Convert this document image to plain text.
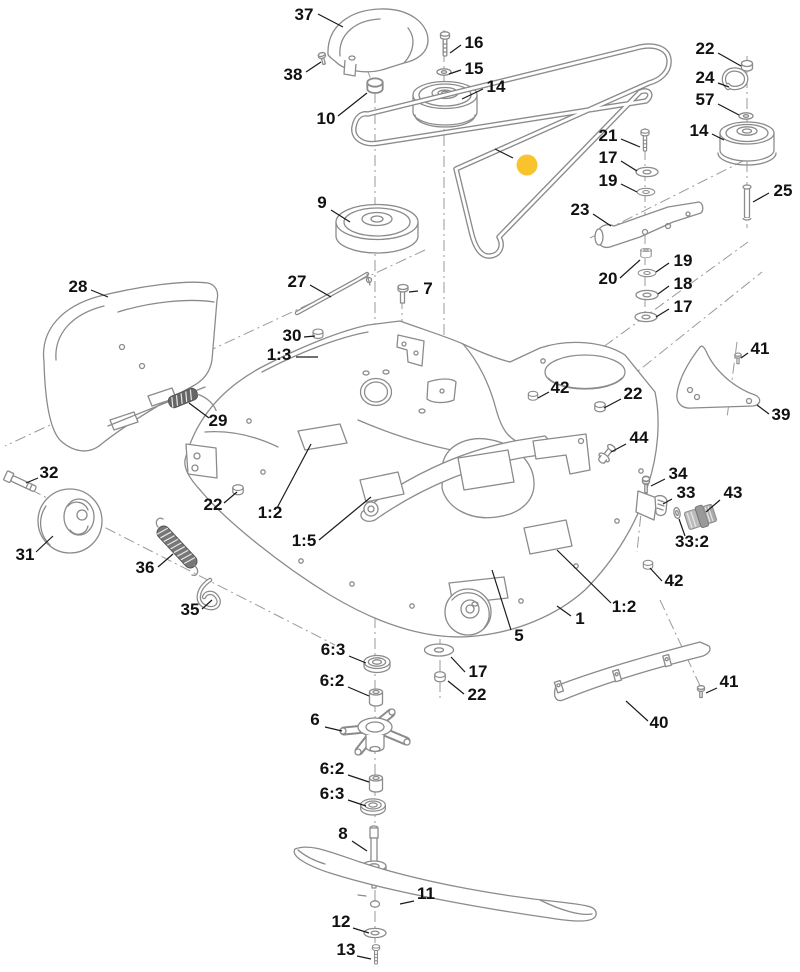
37
38
16
15
14
10
9
22
24
57
14
21
17
19
23
25
20
19
18
17
27	7
30
1:3
28
29
42	22
41
39
44
32
31
22 1:2
1:5
34
33 43
33:2
36
42
35	1:2
1
5
6:3
17
6:2
22
6
41
40
6:2
6:3
8
11
12
13
